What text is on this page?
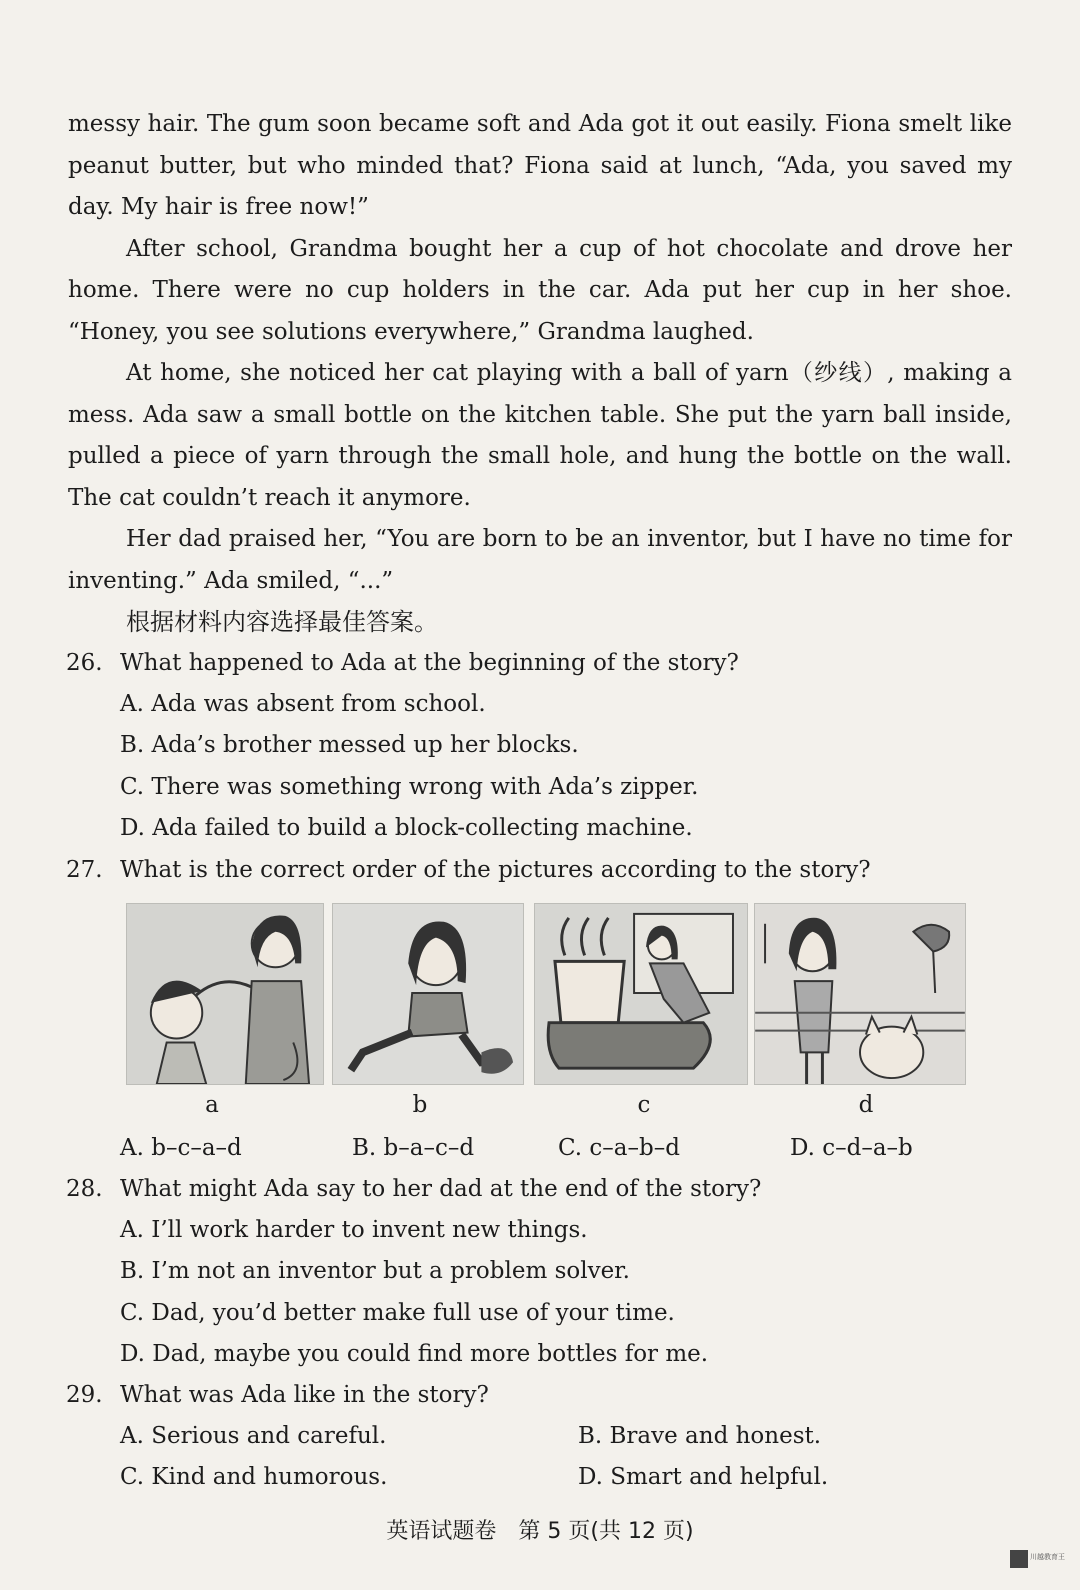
messy hair. The gum soon became soft and Ada got it out easily. Fiona smelt like peanut butter, but who minded that? Fiona said at lunch, “Ada, you saved my day. My hair is free now!”

After school, Grandma bought her a cup of hot chocolate and drove her home. There were no cup holders in the car. Ada put her cup in her shoe. “Honey, you see solutions everywhere,” Grandma laughed.

At home, she noticed her cat playing with a ball of yarn（纱线）, making a mess. Ada saw a small bottle on the kitchen table. She put the yarn ball inside, pulled a piece of yarn through the small hole, and hung the bottle on the wall. The cat couldn’t reach it anymore.

Her dad praised her, “You are born to be an inventor, but I have no time for inventing.” Ada smiled, “...”

根据材料内容选择最佳答案。
26. What happened to Ada at the beginning of the story?
A. Ada was absent from school.
B. Ada’s brother messed up her blocks.
C. There was something wrong with Ada’s zipper.
D. Ada failed to build a block-collecting machine.
27. What is the correct order of the pictures according to the story?
a	b	c	d
A. b–c–a–d	B. b–a–c–d	C. c–a–b–d	D. c–d–a–b
28. What might Ada say to her dad at the end of the story?
A. I’ll work harder to invent new things.
B. I’m not an inventor but a problem solver.
C. Dad, you’d better make full use of your time.
D. Dad, maybe you could find more bottles for me.
29. What was Ada like in the story?
A. Serious and careful.	B. Brave and honest.
C. Kind and humorous.	D. Smart and helpful.
英语试题卷　第 5 页(共 12 页)
川越教育王
